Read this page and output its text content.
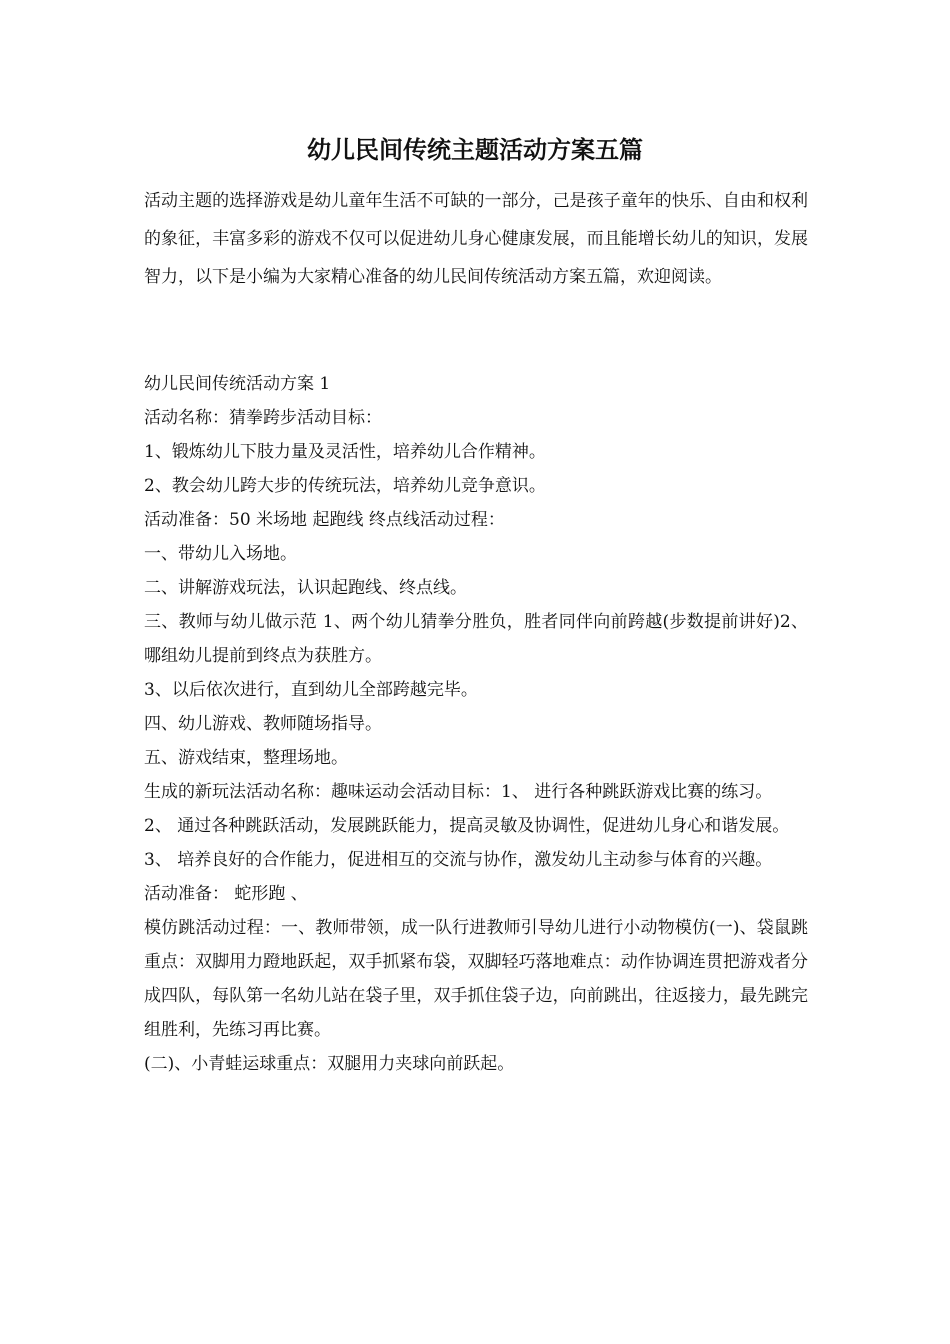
幼儿民间传统主题活动方案五篇

活动主题的选择游戏是幼儿童年生活不可缺的一部分，己是孩子童年的快乐、自由和权利的象征，丰富多彩的游戏不仅可以促进幼儿身心健康发展，而且能增长幼儿的知识，发展智力，以下是小编为大家精心准备的幼儿民间传统活动方案五篇，欢迎阅读。

幼儿民间传统活动方案 1

活动名称：猜拳跨步活动目标：

1、锻炼幼儿下肢力量及灵活性，培养幼儿合作精神。

2、教会幼儿跨大步的传统玩法，培养幼儿竞争意识。

活动准备：50 米场地 起跑线 终点线活动过程：

一、带幼儿入场地。

二、讲解游戏玩法，认识起跑线、终点线。

三、教师与幼儿做示范 1、两个幼儿猜拳分胜负，胜者同伴向前跨越(步数提前讲好)2、哪组幼儿提前到终点为获胜方。

3、以后依次进行，直到幼儿全部跨越完毕。

四、幼儿游戏、教师随场指导。

五、游戏结束，整理场地。

生成的新玩法活动名称：趣味运动会活动目标：1、 进行各种跳跃游戏比赛的练习。

2、 通过各种跳跃活动，发展跳跃能力，提高灵敏及协调性，促进幼儿身心和谐发展。

3、 培养良好的合作能力，促进相互的交流与协作，激发幼儿主动参与体育的兴趣。

活动准备： 蛇形跑 、

模仿跳活动过程：一、教师带领，成一队行进教师引导幼儿进行小动物模仿(一)、袋鼠跳重点：双脚用力蹬地跃起，双手抓紧布袋，双脚轻巧落地难点：动作协调连贯把游戏者分成四队，每队第一名幼儿站在袋子里，双手抓住袋子边，向前跳出，往返接力，最先跳完组胜利，先练习再比赛。

(二)、小青蛙运球重点：双腿用力夹球向前跃起。
